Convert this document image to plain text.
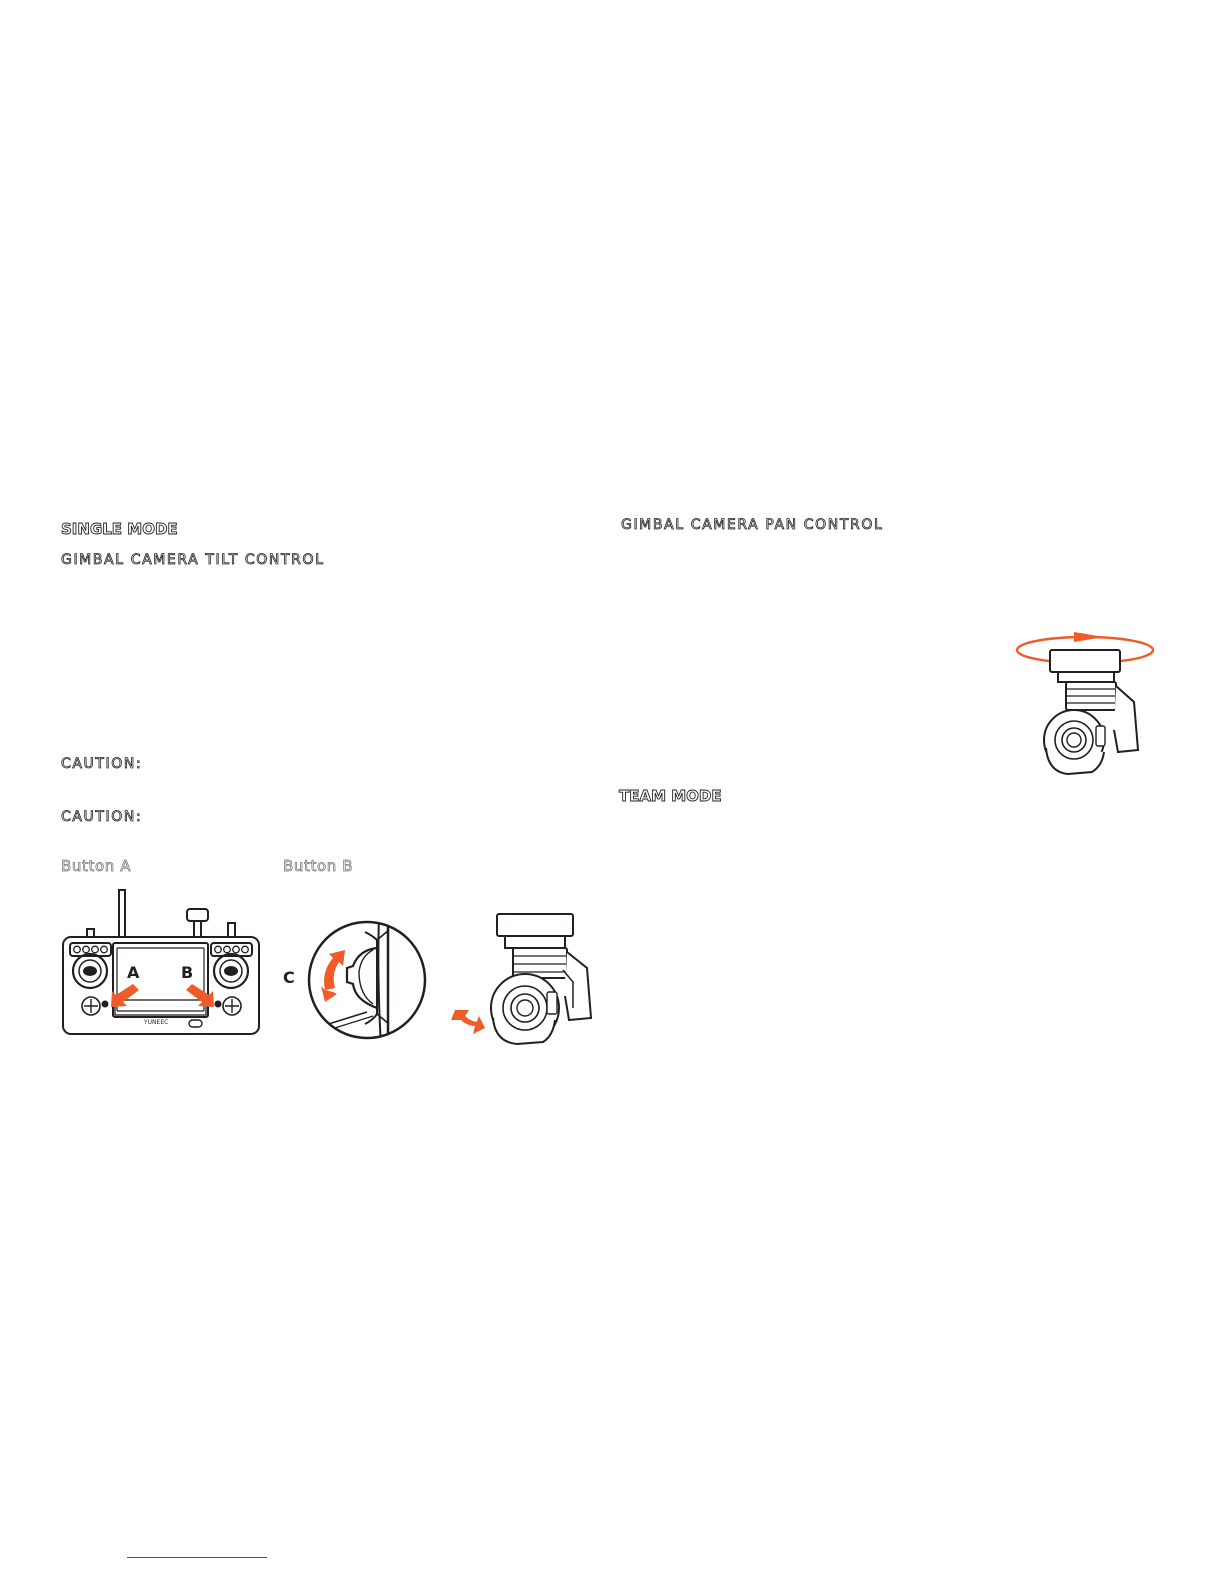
SINGLE MODE

GIMBAL CAMERA TILT CONTROL

CAUTION:

CAUTION:

Button A	Button B

YUNEEC
A	B	C

GIMBAL CAMERA PAN CONTROL

TEAM MODE
